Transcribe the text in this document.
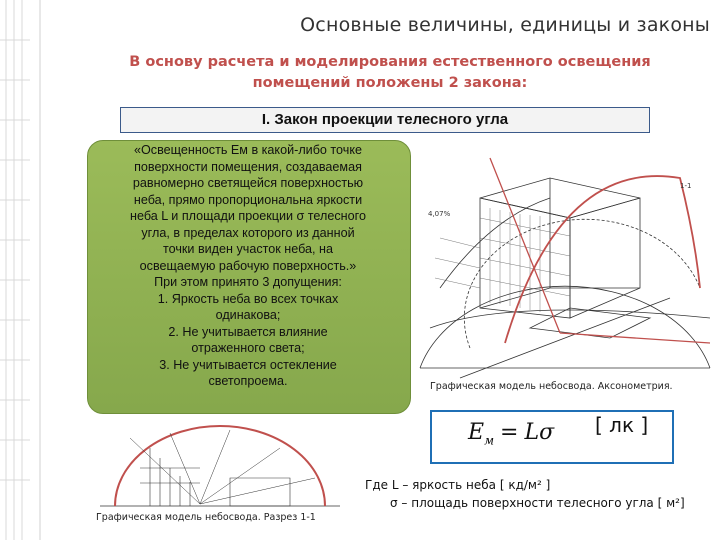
Основные величины, единицы и законы
В основу расчета и моделирования естественного освещения
помещений положены 2 закона:
I. Закон проекции телесного угла
«Освещенность Ем в какой-либо точке
поверхности помещения, создаваемая
равномерно светящейся поверхностью
неба, прямо пропорциональна яркости
неба L и площади проекции σ телесного
угла, в пределах которого из данной
точки виден участок неба, на
освещаемую рабочую поверхность.»
При этом принято 3 допущения:
1. Яркость неба во всех точках
одинакова;
2. Не учитывается влияние
отраженного света;
3. Не учитывается остекление
светопроема.
4,07%
1-1
Графическая модель небосвода. Аксонометрия.
$E_м = L\sigma$ [ лк ]
Графическая модель небосвода. Разрез 1-1
Где L – яркость неба [ кд/м² ]
σ – площадь поверхности телесного угла [ м²]
